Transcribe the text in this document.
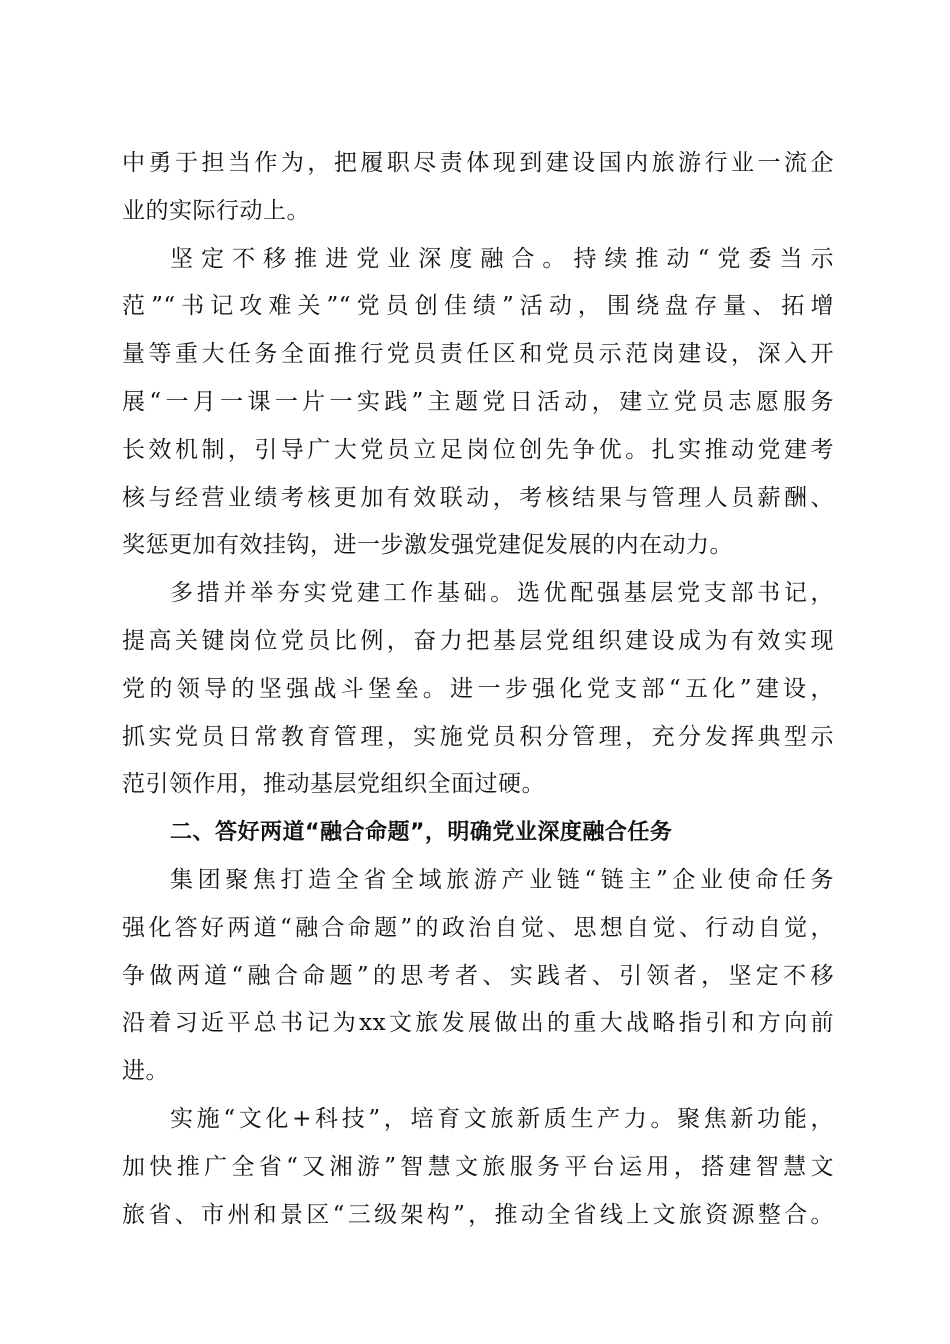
中勇于担当作为，把履职尽责体现到建设国内旅游行业一流企
业的实际行动上。
坚定不移推进党业深度融合。持续推动“党委当示
范”“书记攻难关”“党员创佳绩”活动，围绕盘存量、拓增
量等重大任务全面推行党员责任区和党员示范岗建设，深入开
展“一月一课一片一实践”主题党日活动，建立党员志愿服务
长效机制，引导广大党员立足岗位创先争优。扎实推动党建考
核与经营业绩考核更加有效联动，考核结果与管理人员薪酬、
奖惩更加有效挂钩，进一步激发强党建促发展的内在动力。
多措并举夯实党建工作基础。选优配强基层党支部书记，
提高关键岗位党员比例，奋力把基层党组织建设成为有效实现
党的领导的坚强战斗堡垒。进一步强化党支部“五化”建设，
抓实党员日常教育管理，实施党员积分管理，充分发挥典型示
范引领作用，推动基层党组织全面过硬。
二、答好两道“融合命题”，明确党业深度融合任务
集团聚焦打造全省全域旅游产业链“链主”企业使命任务
强化答好两道“融合命题”的政治自觉、思想自觉、行动自觉，
争做两道“融合命题”的思考者、实践者、引领者，坚定不移
沿着习近平总书记为xx文旅发展做出的重大战略指引和方向前
进。
实施“文化+科技”，培育文旅新质生产力。聚焦新功能，
加快推广全省“又湘游”智慧文旅服务平台运用，搭建智慧文
旅省、市州和景区“三级架构”，推动全省线上文旅资源整合。
